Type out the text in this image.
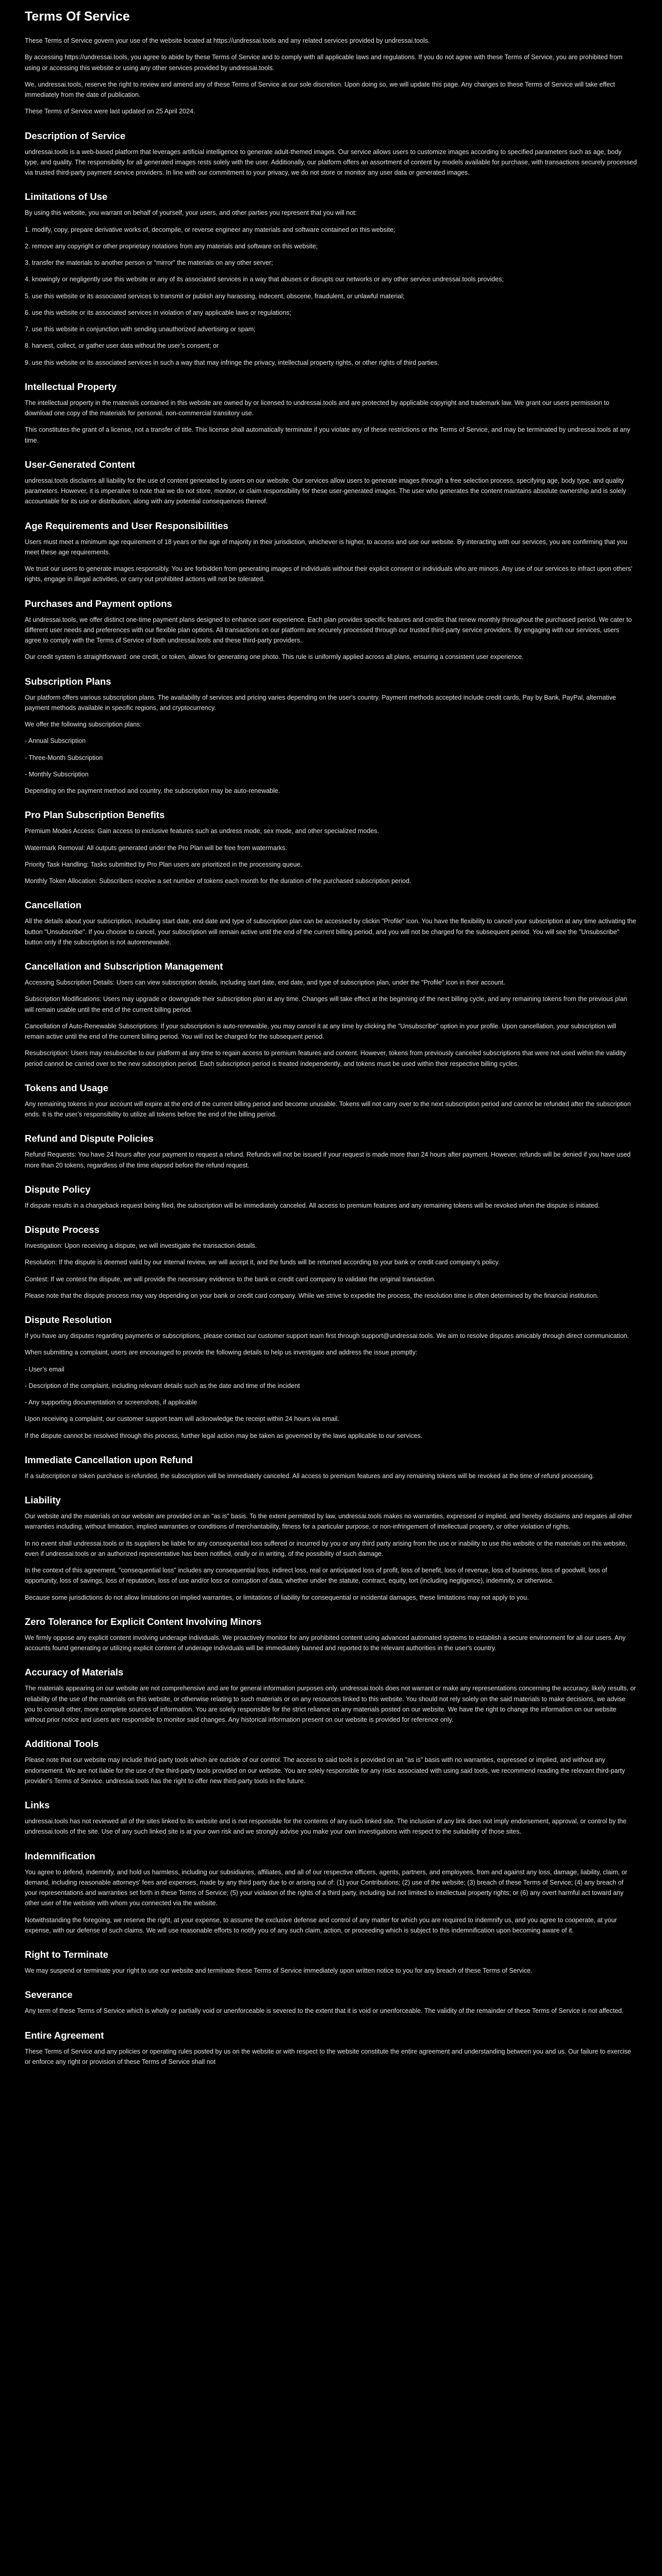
Terms Of Service

These Terms of Service govern your use of the website located at https://undressai.tools and any related services provided by undressai.tools.

By accessing https://undressai.tools, you agree to abide by these Terms of Service and to comply with all applicable laws and regulations. If you do not agree with these Terms of Service, you are prohibited from using or accessing this website or using any other services provided by undressai.tools.

We, undressai.tools, reserve the right to review and amend any of these Terms of Service at our sole discretion. Upon doing so, we will update this page. Any changes to these Terms of Service will take effect immediately from the date of publication.

These Terms of Service were last updated on 25 April 2024.

Description of Service

undressai.tools is a web-based platform that leverages artificial intelligence to generate adult-themed images. Our service allows users to customize images according to specified parameters such as age, body type, and quality. The responsibility for all generated images rests solely with the user. Additionally, our platform offers an assortment of content by models available for purchase, with transactions securely processed via trusted third-party payment service providers. In line with our commitment to your privacy, we do not store or monitor any user data or generated images.

Limitations of Use

By using this website, you warrant on behalf of yourself, your users, and other parties you represent that you will not:

1. modify, copy, prepare derivative works of, decompile, or reverse engineer any materials and software contained on this website;

2. remove any copyright or other proprietary notations from any materials and software on this website;

3. transfer the materials to another person or “mirror” the materials on any other server;

4. knowingly or negligently use this website or any of its associated services in a way that abuses or disrupts our networks or any other service undressai.tools provides;

5. use this website or its associated services to transmit or publish any harassing, indecent, obscene, fraudulent, or unlawful material;

6. use this website or its associated services in violation of any applicable laws or regulations;

7. use this website in conjunction with sending unauthorized advertising or spam;

8. harvest, collect, or gather user data without the user’s consent; or

9. use this website or its associated services in such a way that may infringe the privacy, intellectual property rights, or other rights of third parties.

Intellectual Property

The intellectual property in the materials contained in this website are owned by or licensed to undressai.tools and are protected by applicable copyright and trademark law. We grant our users permission to download one copy of the materials for personal, non-commercial transitory use.

This constitutes the grant of a license, not a transfer of title. This license shall automatically terminate if you violate any of these restrictions or the Terms of Service, and may be terminated by undressai.tools at any time.

User-Generated Content

undressai.tools disclaims all liability for the use of content generated by users on our website. Our services allow users to generate images through a free selection process, specifying age, body type, and quality parameters. However, it is imperative to note that we do not store, monitor, or claim responsibility for these user-generated images. The user who generates the content maintains absolute ownership and is solely accountable for its use or distribution, along with any potential consequences thereof.

Age Requirements and User Responsibilities

Users must meet a minimum age requirement of 18 years or the age of majority in their jurisdiction, whichever is higher, to access and use our website. By interacting with our services, you are confirming that you meet these age requirements.

We trust our users to generate images responsibly. You are forbidden from generating images of individuals without their explicit consent or individuals who are minors. Any use of our services to infract upon others' rights, engage in illegal activities, or carry out prohibited actions will not be tolerated.

Purchases and Payment options

At undressai.tools, we offer distinct one-time payment plans designed to enhance user experience. Each plan provides specific features and credits that renew monthly throughout the purchased period. We cater to different user needs and preferences with our flexible plan options. All transactions on our platform are securely processed through our trusted third-party service providers. By engaging with our services, users agree to comply with the Terms of Service of both undressai.tools and these third-party providers.

Our credit system is straightforward: one credit, or token, allows for generating one photo. This rule is uniformly applied across all plans, ensuring a consistent user experience.

Subscription Plans

Our platform offers various subscription plans. The availability of services and pricing varies depending on the user's country. Payment methods accepted include credit cards, Pay by Bank, PayPal, alternative payment methods available in specific regions, and cryptocurrency.

We offer the following subscription plans:

- Annual Subscription

- Three-Month Subscription

- Monthly Subscription

Depending on the payment method and country, the subscription may be auto-renewable.

Pro Plan Subscription Benefits

Premium Modes Access: Gain access to exclusive features such as undress mode, sex mode, and other specialized modes.

Watermark Removal: All outputs generated under the Pro Plan will be free from watermarks.

Priority Task Handling: Tasks submitted by Pro Plan users are prioritized in the processing queue.

Monthly Token Allocation: Subscribers receive a set number of tokens each month for the duration of the purchased subscription period.

Cancellation

All the details about your subscription, including start date, end date and type of subscription plan can be accessed by clickin "Profile" icon. You have the flexibility to cancel your subscription at any time activating the button "Unsubscribe". If you choose to cancel, your subscription will remain active until the end of the current billing period, and you will not be charged for the subsequent period. You will see the "Unsubscribe" button only if the subscription is not autorenewable.

Cancellation and Subscription Management

Accessing Subscription Details: Users can view subscription details, including start date, end date, and type of subscription plan, under the "Profile" icon in their account.

Subscription Modifications: Users may upgrade or downgrade their subscription plan at any time. Changes will take effect at the beginning of the next billing cycle, and any remaining tokens from the previous plan will remain usable until the end of the current billing period.

Cancellation of Auto-Renewable Subscriptions: If your subscription is auto-renewable, you may cancel it at any time by clicking the "Unsubscribe" option in your profile. Upon cancellation, your subscription will remain active until the end of the current billing period. You will not be charged for the subsequent period.

Resubscription: Users may resubscribe to our platform at any time to regain access to premium features and content. However, tokens from previously canceled subscriptions that were not used within the validity period cannot be carried over to the new subscription period. Each subscription period is treated independently, and tokens must be used within their respective billing cycles.

Tokens and Usage

Any remaining tokens in your account will expire at the end of the current billing period and become unusable. Tokens will not carry over to the next subscription period and cannot be refunded after the subscription ends. It is the user’s responsibility to utilize all tokens before the end of the billing period.

Refund and Dispute Policies

Refund Requests: You have 24 hours after your payment to request a refund. Refunds will not be issued if your request is made more than 24 hours after payment. However, refunds will be denied if you have used more than 20 tokens, regardless of the time elapsed before the refund request.

Dispute Policy

If dispute results in a chargeback request being filed, the subscription will be immediately canceled. All access to premium features and any remaining tokens will be revoked when the dispute is initiated.

Dispute Process

Investigation: Upon receiving a dispute, we will investigate the transaction details.

Resolution: If the dispute is deemed valid by our internal review, we will accept it, and the funds will be returned according to your bank or credit card company's policy.

Contest: If we contest the dispute, we will provide the necessary evidence to the bank or credit card company to validate the original transaction.

Please note that the dispute process may vary depending on your bank or credit card company. While we strive to expedite the process, the resolution time is often determined by the financial institution.

Dispute Resolution

If you have any disputes regarding payments or subscriptions, please contact our customer support team first through support@undressai.tools. We aim to resolve disputes amicably through direct communication.

When submitting a complaint, users are encouraged to provide the following details to help us investigate and address the issue promptly:

- User’s email

- Description of the complaint, including relevant details such as the date and time of the incident

- Any supporting documentation or screenshots, if applicable

Upon receiving a complaint, our customer support team will acknowledge the receipt within 24 hours via email.

If the dispute cannot be resolved through this process, further legal action may be taken as governed by the laws applicable to our services.

Immediate Cancellation upon Refund

If a subscription or token purchase is refunded, the subscription will be immediately canceled. All access to premium features and any remaining tokens will be revoked at the time of refund processing.

Liability

Our website and the materials on our website are provided on an "as is" basis. To the extent permitted by law, undressai.tools makes no warranties, expressed or implied, and hereby disclaims and negates all other warranties including, without limitation, implied warranties or conditions of merchantability, fitness for a particular purpose, or non-infringement of intellectual property, or other violation of rights.

In no event shall undressai.tools or its suppliers be liable for any consequential loss suffered or incurred by you or any third party arising from the use or inability to use this website or the materials on this website, even if undressai.tools or an authorized representative has been notified, orally or in writing, of the possibility of such damage.

In the context of this agreement, "consequential loss" includes any consequential loss, indirect loss, real or anticipated loss of profit, loss of benefit, loss of revenue, loss of business, loss of goodwill, loss of opportunity, loss of savings, loss of reputation, loss of use and/or loss or corruption of data, whether under the statute, contract, equity, tort (including negligence), indemnity, or otherwise.

Because some jurisdictions do not allow limitations on implied warranties, or limitations of liability for consequential or incidental damages, these limitations may not apply to you.

Zero Tolerance for Explicit Content Involving Minors

We firmly oppose any explicit content involving underage individuals. We proactively monitor for any prohibited content using advanced automated systems to establish a secure environment for all our users. Any accounts found generating or utilizing explicit content of underage individuals will be immediately banned and reported to the relevant authorities in the user's country.

Accuracy of Materials

The materials appearing on our website are not comprehensive and are for general information purposes only. undressai.tools does not warrant or make any representations concerning the accuracy, likely results, or reliability of the use of the materials on this website, or otherwise relating to such materials or on any resources linked to this website. You should not rely solely on the said materials to make decisions, we advise you to consult other, more complete sources of information. You are solely responsible for the strict reliance on any materials posted on our website. We have the right to change the information on our website without prior notice and users are responsible to monitor said changes. Any historical information present on our website is provided for reference only.

Additional Tools

Please note that our website may include third-party tools which are outside of our control. The access to said tools is provided on an "as is" basis with no warranties, expressed or implied, and without any endorsement. We are not liable for the use of the third-party tools provided on our website. You are solely responsible for any risks associated with using said tools, we recommend reading the relevant third-party provider's Terms of Service. undressai.tools has the right to offer new third-party tools in the future.

Links

undressai.tools has not reviewed all of the sites linked to its website and is not responsible for the contents of any such linked site. The inclusion of any link does not imply endorsement, approval, or control by the undressai.tools of the site. Use of any such linked site is at your own risk and we strongly advise you make your own investigations with respect to the suitability of those sites.

Indemnification

You agree to defend, indemnify, and hold us harmless, including our subsidiaries, affiliates, and all of our respective officers, agents, partners, and employees, from and against any loss, damage, liability, claim, or demand, including reasonable attorneys' fees and expenses, made by any third party due to or arising out of: (1) your Contributions; (2) use of the website; (3) breach of these Terms of Service; (4) any breach of your representations and warranties set forth in these Terms of Service; (5) your violation of the rights of a third party, including but not limited to intellectual property rights; or (6) any overt harmful act toward any other user of the website with whom you connected via the website.

Notwithstanding the foregoing, we reserve the right, at your expense, to assume the exclusive defense and control of any matter for which you are required to indemnify us, and you agree to cooperate, at your expense, with our defense of such claims. We will use reasonable efforts to notify you of any such claim, action, or proceeding which is subject to this indemnification upon becoming aware of it.

Right to Terminate

We may suspend or terminate your right to use our website and terminate these Terms of Service immediately upon written notice to you for any breach of these Terms of Service.

Severance

Any term of these Terms of Service which is wholly or partially void or unenforceable is severed to the extent that it is void or unenforceable. The validity of the remainder of these Terms of Service is not affected.

Entire Agreement

These Terms of Service and any policies or operating rules posted by us on the website or with respect to the website constitute the entire agreement and understanding between you and us. Our failure to exercise or enforce any right or provision of these Terms of Service shall not
